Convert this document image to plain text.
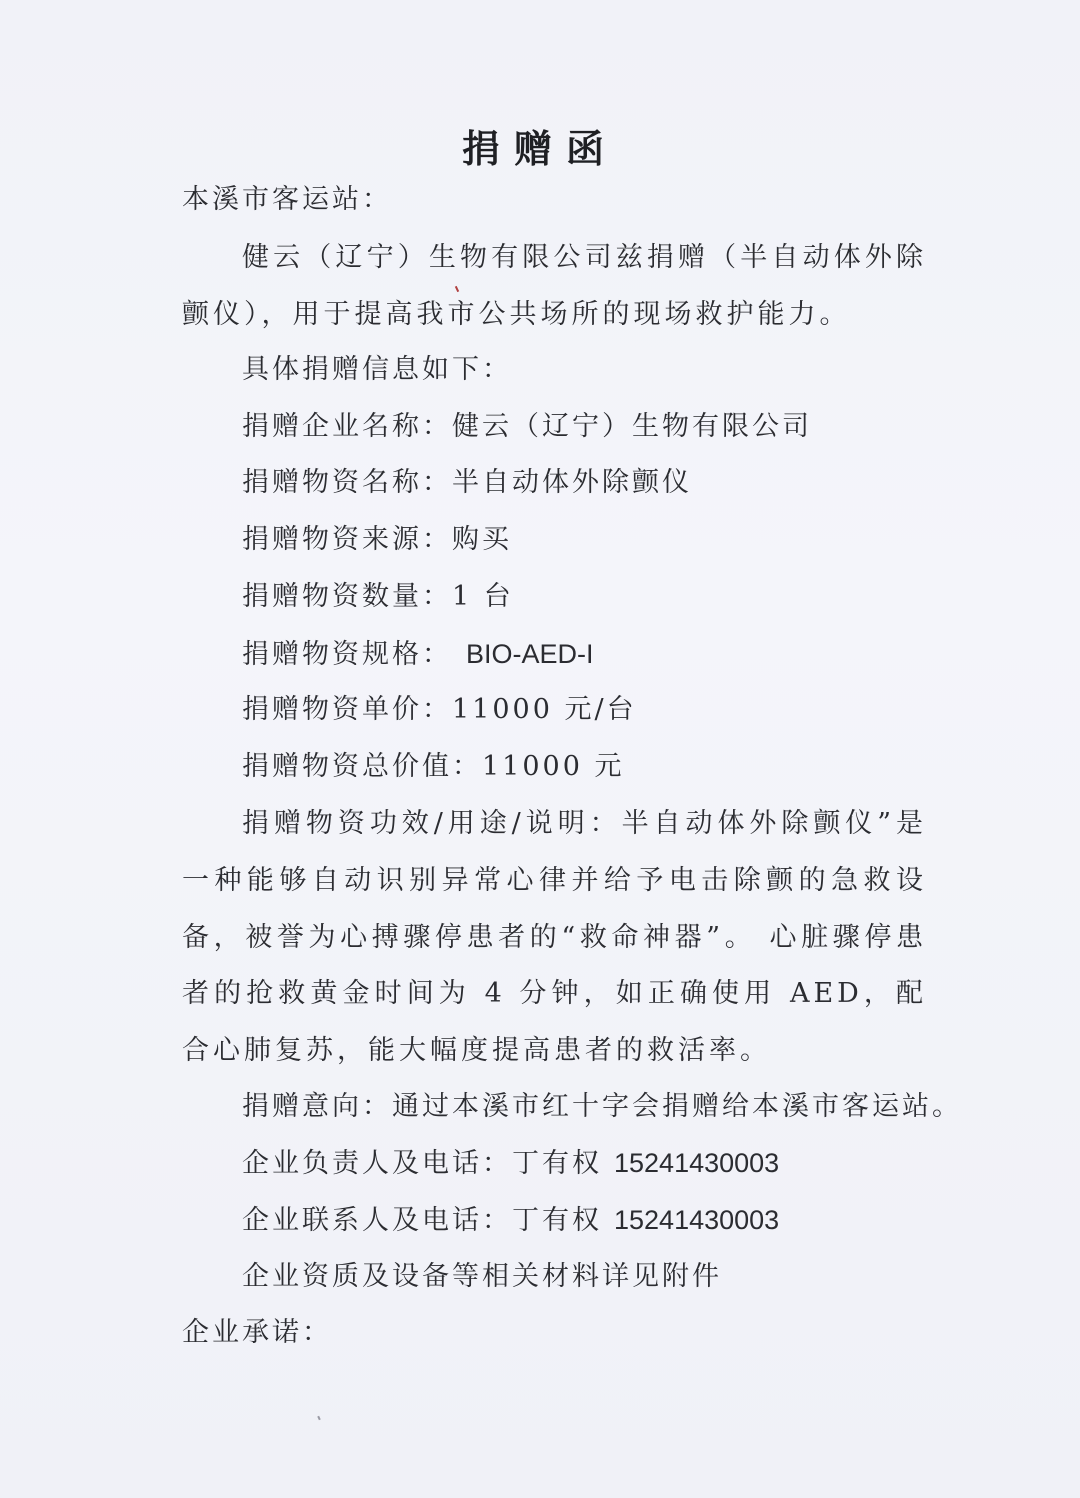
捐赠函
本溪市客运站：
健云（辽宁）生物有限公司兹捐赠（半自动体外除颤仪），用于提高我市公共场所的现场救护能力。
具体捐赠信息如下：
捐赠企业名称：健云（辽宁）生物有限公司
捐赠物资名称：半自动体外除颤仪
捐赠物资来源：购买
捐赠物资数量：1 台
捐赠物资规格： BIO-AED-I
捐赠物资单价：11000 元/台
捐赠物资总价值：11000 元
捐赠物资功效/用途/说明：半自动体外除颤仪”是一种能够自动识别异常心律并给予电击除颤的急救设备，被誉为心搏骤停患者的“救命神器”。 心脏骤停患者的抢救黄金时间为 4 分钟，如正确使用 AED，配合心肺复苏，能大幅度提高患者的救活率。
捐赠意向：通过本溪市红十字会捐赠给本溪市客运站。
企业负责人及电话：丁有权 15241430003
企业联系人及电话：丁有权 15241430003
企业资质及设备等相关材料详见附件
企业承诺：
